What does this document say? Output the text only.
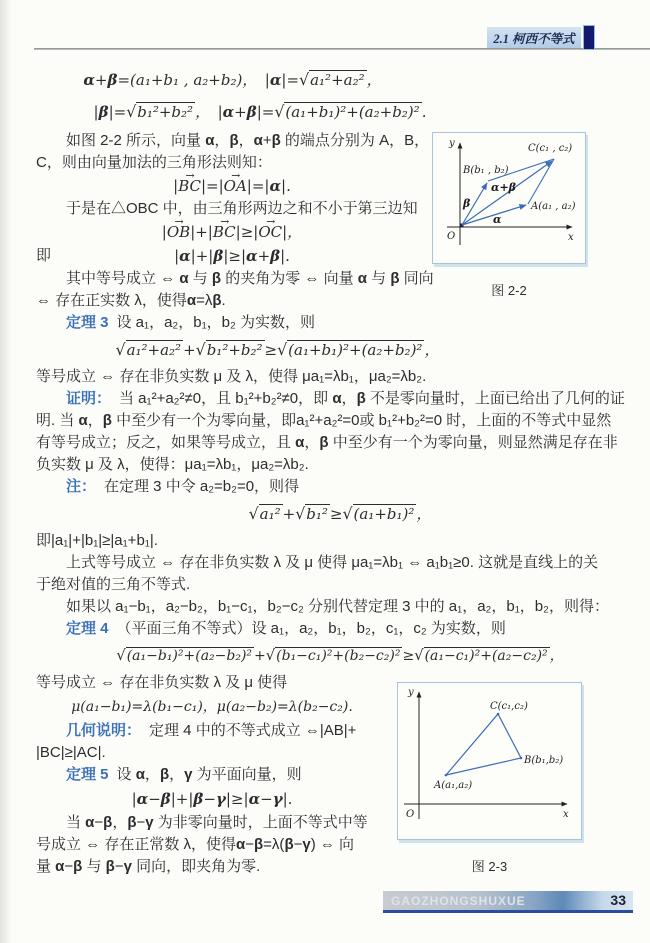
2.1 柯西不等式
α+β=(a₁+b₁ , a₂+b₂)，　|α|=√a₁²+a₂² ，
|β|=√b₁²+b₂² ，　|α+β|=√(a₁+b₁)²+(a₂+b₂)² .
如图 2-2 所示，向量 α，β，α+β 的端点分别为 A，B，
C，则由向量加法的三角形法则知：
|→ BC|=|→ OA|=|α|.
于是在△OBC 中，由三角形两边之和不小于第三边知
|→ OB|+|→ BC|≥|→ OC|，
即	|α|+|β|≥|α+β|.
其中等号成立 ⇔ α 与 β 的夹角为零 ⇔ 向量 α 与 β 同向
⇔ 存在正实数 λ，使得α=λβ.
y
x
O
B(b₁ , b₂)
C(c₁ , c₂)
A(a₁ , a₂)
β
α
α+β
图 2-2
定理 3 设 a₁，a₂，b₁，b₂ 为实数，则
√a₁²+a₂² +√b₁²+b₂² ≥√(a₁+b₁)²+(a₂+b₂)² ，
等号成立 ⇔ 存在非负实数 μ 及 λ，使得 μa₁=λb₁，μa₂=λb₂.
证明： 当 a₁²+a₂²≠0，且 b₁²+b₂²≠0，即 α，β 不是零向量时，上面已给出了几何的证
明. 当 α，β 中至少有一个为零向量，即a₁²+a₂²=0或 b₁²+b₂²=0 时，上面的不等式中显然
有等号成立；反之，如果等号成立，且 α，β 中至少有一个为零向量，则显然满足存在非
负实数 μ 及 λ，使得：μa₁=λb₁，μa₂=λb₂.
注： 在定理 3 中令 a₂=b₂=0，则得
√a₁² +√b₁² ≥√(a₁+b₁)² ，
即|a₁|+|b₁|≥|a₁+b₁|.
上式等号成立 ⇔ 存在非负实数 λ 及 μ 使得 μa₁=λb₁ ⇔ a₁b₁≥0. 这就是直线上的关
于绝对值的三角不等式.
如果以 a₁−b₁，a₂−b₂，b₁−c₁，b₂−c₂ 分别代替定理 3 中的 a₁，a₂，b₁，b₂，则得：
定理 4 （平面三角不等式）设 a₁，a₂，b₁，b₂，c₁，c₂ 为实数，则
√(a₁−b₁)²+(a₂−b₂)² +√(b₁−c₁)²+(b₂−c₂)² ≥√(a₁−c₁)²+(a₂−c₂)² ，
等号成立 ⇔ 存在非负实数 λ 及 μ 使得
μ(a₁−b₁)=λ(b₁−c₁)，μ(a₂−b₂)=λ(b₂−c₂).
几何说明： 定理 4 中的不等式成立 ⇔|AB|+
|BC|≥|AC|.
定理 5 设 α，β，γ 为平面向量，则
|α−β|+|β−γ|≥|α−γ|.
当 α−β，β−γ 为非零向量时，上面不等式中等
号成立 ⇔ 存在正常数 λ，使得α−β=λ(β−γ) ⇔ 向
量 α−β 与 β−γ 同向，即夹角为零.
y
x
O
A(a₁,a₂)
B(b₁,b₂)
C(c₁,c₂)
图 2-3
GAOZHONGSHUXUE	33
